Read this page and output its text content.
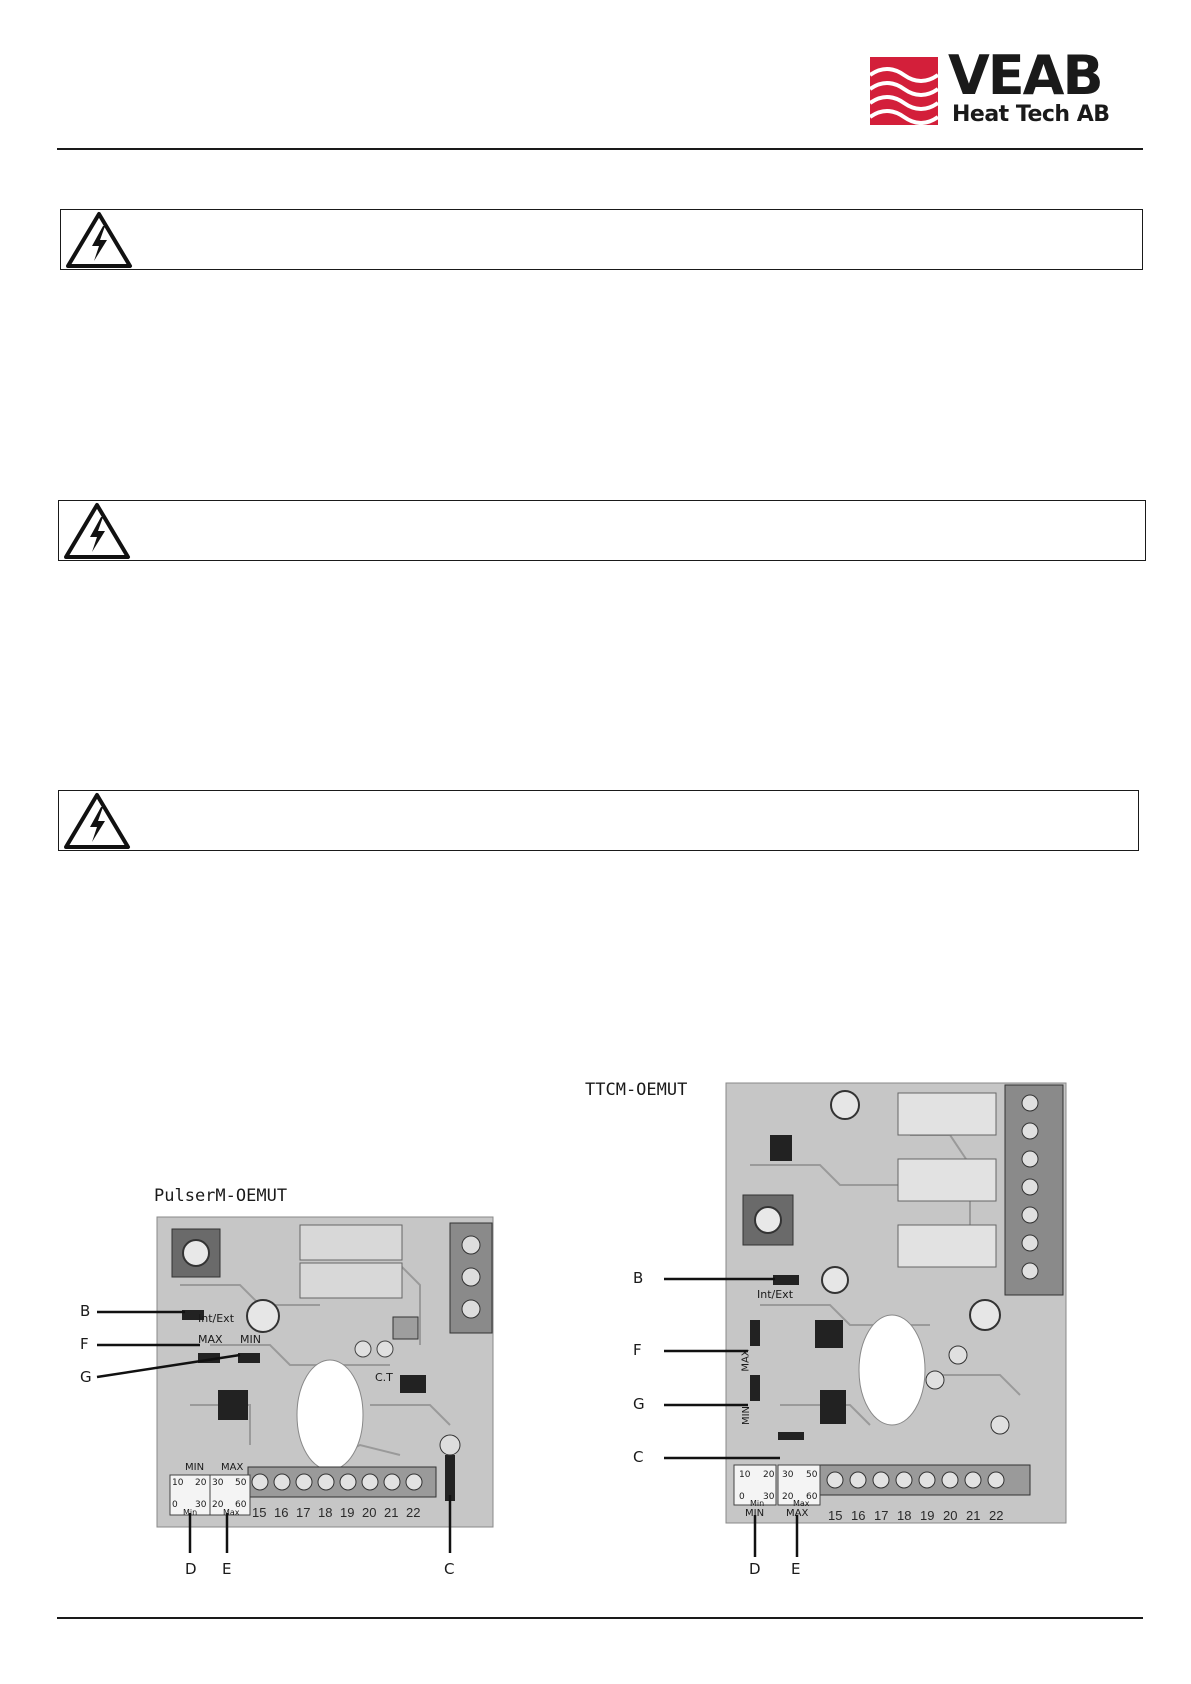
VEAB
Heat Tech AB
PulserM-OEMUT
Int/Ext
MAX MIN
C.T
MIN MAX
10 20
0 30
Min
30 50
20 60
Max 15 16 17 18 19 20 21 22
B
F
G
D E	C
TTCM-OEMUT
Int/Ext
MAX
MIN
MIN MAX
10 20
0 30
Min
30 50
20 60
Max
15 16 17 18 19 20 21 22
B
F
G
C
D E
